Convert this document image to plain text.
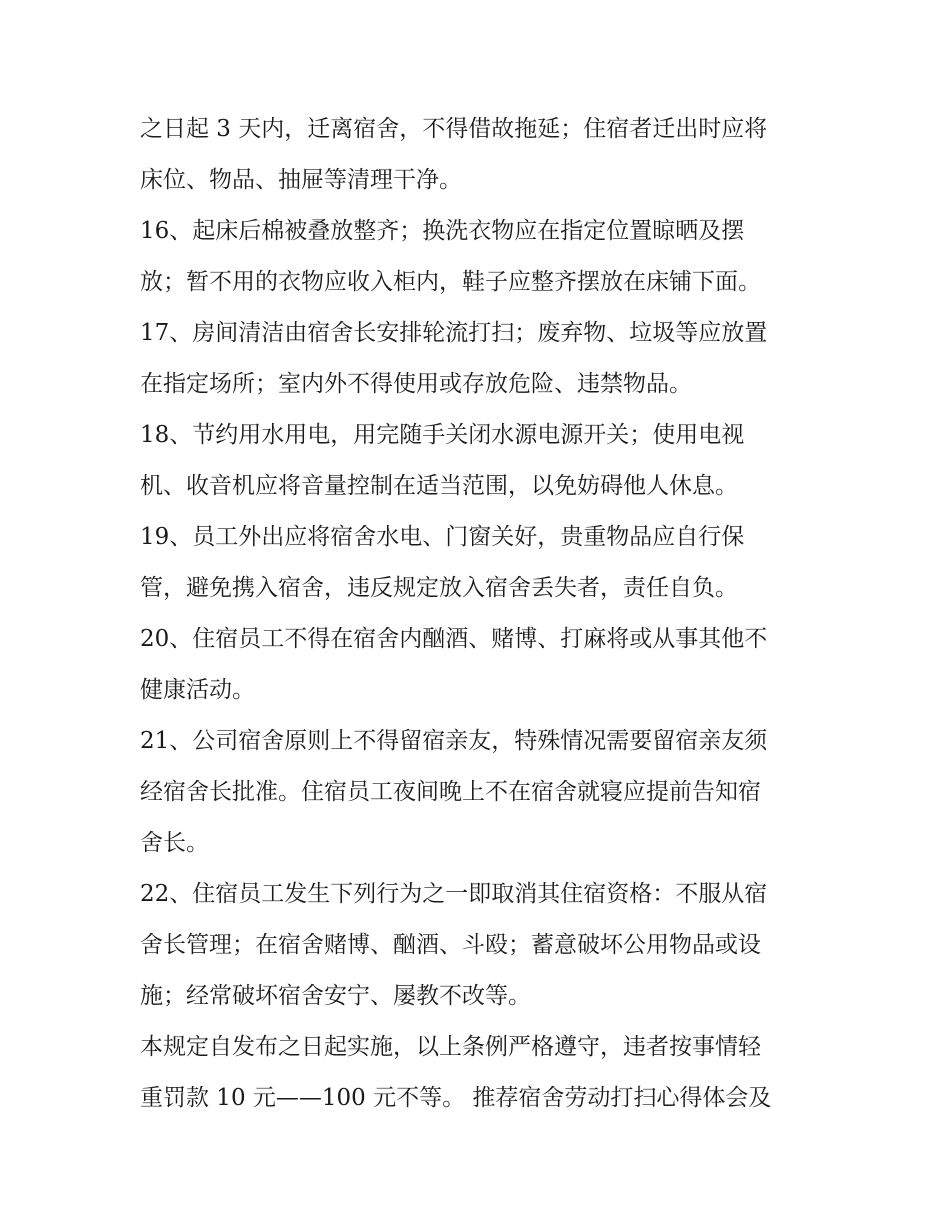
之日起 3 天内，迁离宿舍，不得借故拖延；住宿者迁出时应将
床位、物品、抽屉等清理干净。
16、起床后棉被叠放整齐；换洗衣物应在指定位置晾晒及摆
放；暂不用的衣物应收入柜内，鞋子应整齐摆放在床铺下面。
17、房间清洁由宿舍长安排轮流打扫；废弃物、垃圾等应放置
在指定场所；室内外不得使用或存放危险、违禁物品。
18、节约用水用电，用完随手关闭水源电源开关；使用电视
机、收音机应将音量控制在适当范围，以免妨碍他人休息。
19、员工外出应将宿舍水电、门窗关好，贵重物品应自行保
管，避免携入宿舍，违反规定放入宿舍丢失者，责任自负。
20、住宿员工不得在宿舍内酗酒、赌博、打麻将或从事其他不
健康活动。
21、公司宿舍原则上不得留宿亲友，特殊情况需要留宿亲友须
经宿舍长批准。住宿员工夜间晚上不在宿舍就寝应提前告知宿
舍长。
22、住宿员工发生下列行为之一即取消其住宿资格：不服从宿
舍长管理；在宿舍赌博、酗酒、斗殴；蓄意破坏公用物品或设
施；经常破坏宿舍安宁、屡教不改等。
本规定自发布之日起实施，以上条例严格遵守，违者按事情轻
重罚款 10 元——100 元不等。 推荐宿舍劳动打扫心得体会及
